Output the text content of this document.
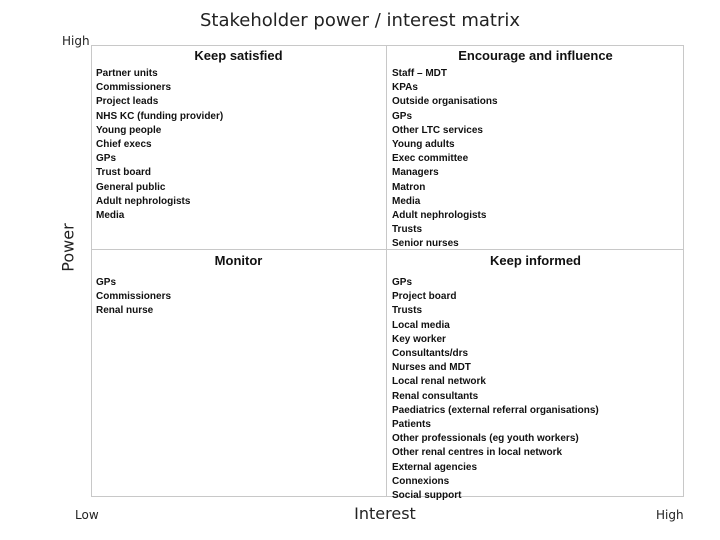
Stakeholder power / interest matrix
High
Power
Keep satisfied
Partner units
Commissioners
Project leads
NHS KC (funding provider)
Young people
Chief execs
GPs
Trust board
General public
Adult nephrologists
Media
Encourage and influence
Staff – MDT
KPAs
Outside organisations
GPs
Other LTC services
Young adults
Exec committee
Managers
Matron
Media
Adult nephrologists
Trusts
Senior nurses
Monitor
GPs
Commissioners
Renal nurse
Keep informed
GPs
Project board
Trusts
Local media
Key worker
Consultants/drs
Nurses and MDT
Local renal network
Renal consultants
Paediatrics (external referral organisations)
Patients
Other professionals (eg youth workers)
Other renal centres in local network
External agencies
Connexions
Social support
Low	Interest	High
